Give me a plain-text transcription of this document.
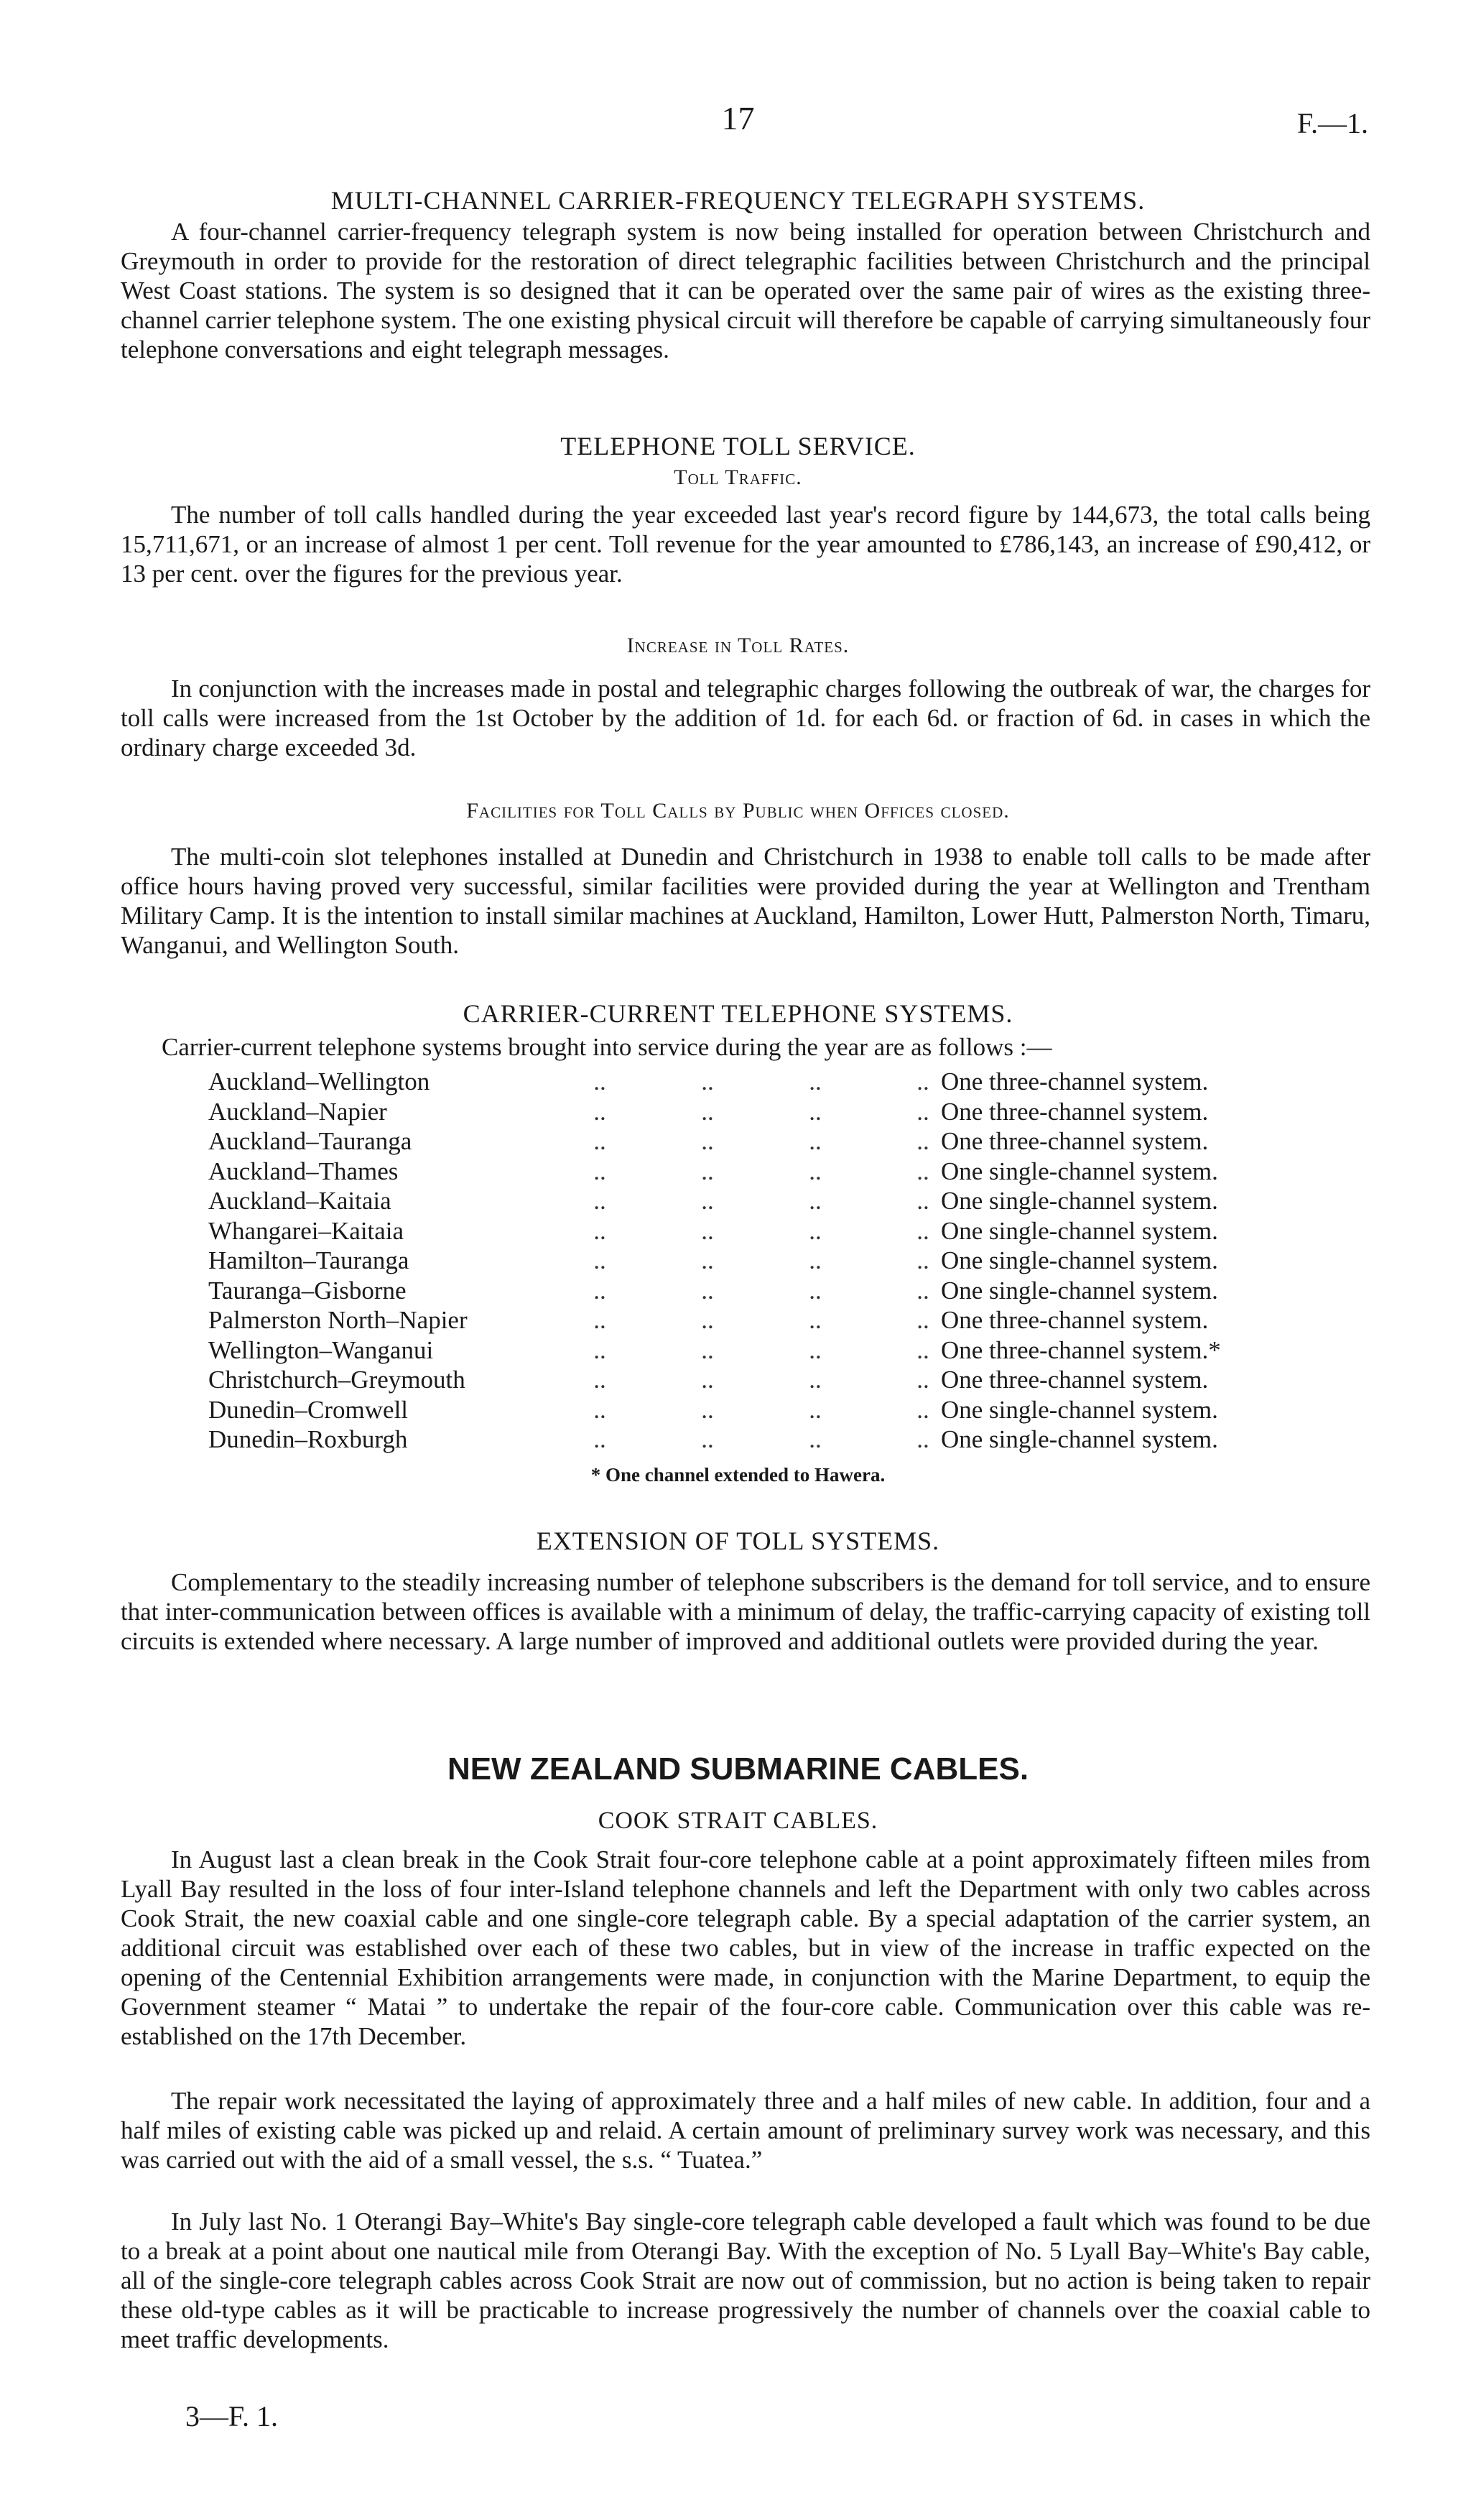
17	F.—1.
MULTI-CHANNEL CARRIER-FREQUENCY TELEGRAPH SYSTEMS.

A four-channel carrier-frequency telegraph system is now being installed for operation between Christchurch and Greymouth in order to provide for the restoration of direct telegraphic facilities between Christchurch and the principal West Coast stations. The system is so designed that it can be operated over the same pair of wires as the existing three-channel carrier telephone system. The one existing physical circuit will therefore be capable of carrying simultaneously four telephone conversations and eight telegraph messages.

TELEPHONE TOLL SERVICE.
Toll Traffic.

The number of toll calls handled during the year exceeded last year's record figure by 144,673, the total calls being 15,711,671, or an increase of almost 1 per cent. Toll revenue for the year amounted to £786,143, an increase of £90,412, or 13 per cent. over the figures for the previous year.

Increase in Toll Rates.

In conjunction with the increases made in postal and telegraphic charges following the outbreak of war, the charges for toll calls were increased from the 1st October by the addition of 1d. for each 6d. or fraction of 6d. in cases in which the ordinary charge exceeded 3d.

Facilities for Toll Calls by Public when Offices closed.

The multi-coin slot telephones installed at Dunedin and Christchurch in 1938 to enable toll calls to be made after office hours having proved very successful, similar facilities were provided during the year at Wellington and Trentham Military Camp. It is the intention to install similar machines at Auckland, Hamilton, Lower Hutt, Palmerston North, Timaru, Wanganui, and Wellington South.

CARRIER-CURRENT TELEPHONE SYSTEMS.
Carrier-current telephone systems brought into service during the year are as follows :—
Auckland–Wellington	..	..	..	.. One three-channel system.
Auckland–Napier	..	..	..	.. One three-channel system.
Auckland–Tauranga	..	..	..	.. One three-channel system.
Auckland–Thames	..	..	..	.. One single-channel system.
Auckland–Kaitaia	..	..	..	.. One single-channel system.
Whangarei–Kaitaia	..	..	..	.. One single-channel system.
Hamilton–Tauranga	..	..	..	.. One single-channel system.
Tauranga–Gisborne	..	..	..	.. One single-channel system.
Palmerston North–Napier	..	..	..	.. One three-channel system.
Wellington–Wanganui	..	..	..	.. One three-channel system.*
Christchurch–Greymouth	..	..	..	.. One three-channel system.
Dunedin–Cromwell	..	..	..	.. One single-channel system.
Dunedin–Roxburgh	..	..	..	.. One single-channel system.
* One channel extended to Hawera.
EXTENSION OF TOLL SYSTEMS.

Complementary to the steadily increasing number of telephone subscribers is the demand for toll service, and to ensure that inter-communication between offices is available with a minimum of delay, the traffic-carrying capacity of existing toll circuits is extended where necessary. A large number of improved and additional outlets were provided during the year.

NEW ZEALAND SUBMARINE CABLES.
COOK STRAIT CABLES.

In August last a clean break in the Cook Strait four-core telephone cable at a point approximately fifteen miles from Lyall Bay resulted in the loss of four inter-Island telephone channels and left the Department with only two cables across Cook Strait, the new coaxial cable and one single-core telegraph cable. By a special adaptation of the carrier system, an additional circuit was established over each of these two cables, but in view of the increase in traffic expected on the opening of the Centennial Exhibition arrangements were made, in conjunction with the Marine Department, to equip the Government steamer “ Matai ” to undertake the repair of the four-core cable. Communication over this cable was re-established on the 17th December.

The repair work necessitated the laying of approximately three and a half miles of new cable. In addition, four and a half miles of existing cable was picked up and relaid. A certain amount of preliminary survey work was necessary, and this was carried out with the aid of a small vessel, the s.s. “ Tuatea.”

In July last No. 1 Oterangi Bay–White's Bay single-core telegraph cable developed a fault which was found to be due to a break at a point about one nautical mile from Oterangi Bay. With the exception of No. 5 Lyall Bay–White's Bay cable, all of the single-core telegraph cables across Cook Strait are now out of commission, but no action is being taken to repair these old-type cables as it will be practicable to increase progressively the number of channels over the coaxial cable to meet traffic developments.

3—F. 1.
